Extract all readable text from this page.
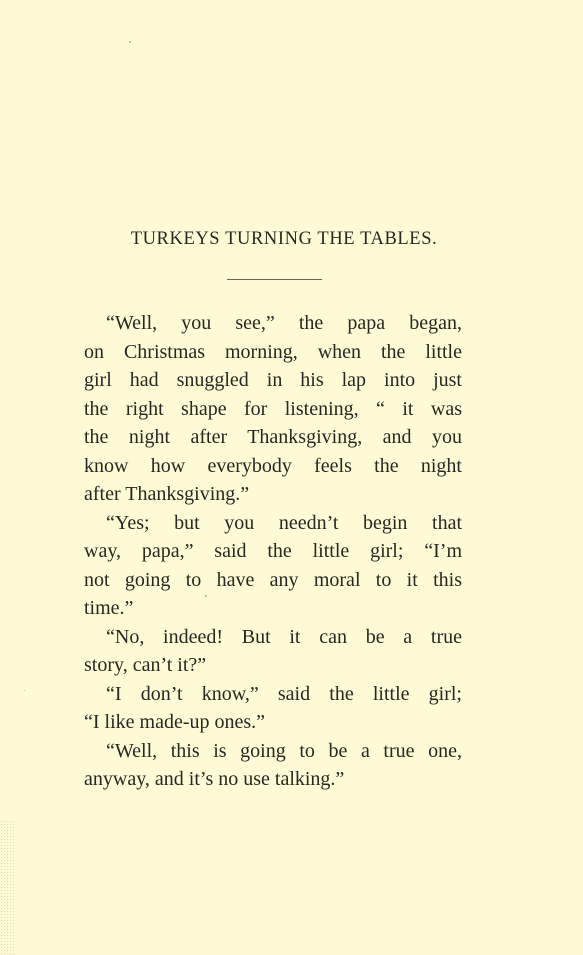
TURKEYS TURNING THE TABLES.
“Well, you see,” the papa began,
on Christmas morning, when the little
girl had snuggled in his lap into just
the right shape for listening, “ it was
the night after Thanksgiving, and you
know how everybody feels the night
after Thanksgiving.”
“Yes; but you needn’t begin that
way, papa,” said the little girl; “I’m
not going to have any moral to it this
time.”
“No, indeed! But it can be a true
story, can’t it?”
“I don’t know,” said the little girl;
“I like made-up ones.”
“Well, this is going to be a true one,
anyway, and it’s no use talking.”
